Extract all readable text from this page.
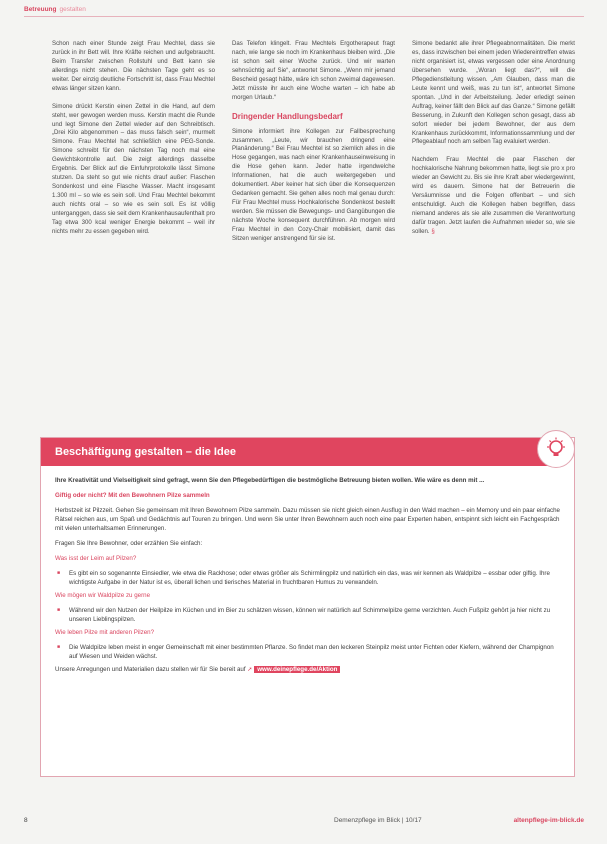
Betreuung gestalten

Schon nach einer Stunde zeigt Frau Mechtel, dass sie zurück in ihr Bett will. Ihre Kräfte reichen und aufgebraucht. Beim Transfer zwischen Rollstuhl und Bett kann sie allerdings nicht stehen. Die nächsten Tage geht es so weiter. Der einzig deutliche Fortschritt ist, dass Frau Mechtel etwas länger sitzen kann.

Simone drückt Kerstin einen Zettel in die Hand, auf dem steht, wer gewogen werden muss. Kerstin macht die Runde und legt Simone den Zettel wieder auf den Schreibtisch. „Drei Kilo abgenommen – das muss falsch sein“, murmelt Simone. Frau Mechtel hat schließlich eine PEG-Sonde. Simone schreibt für den nächsten Tag noch mal eine Gewichtskontrolle auf. Die zeigt allerdings dasselbe Ergebnis. Der Blick auf die Einfuhrprotokolle lässt Simone stutzen. Da steht so gut wie nichts drauf außer: Flaschen Sondenkost und eine Flasche Wasser. Macht insgesamt 1.300 ml – so wie es sein soll. Und Frau Mechtel bekommt auch nichts oral – so wie es sein soll. Es ist völlig unterganggen, dass sie seit dem Krankenhausaufenthalt pro Tag etwa 300 kcal weniger Energie bekommt – weil ihr nichts mehr zu essen gegeben wird.

Das Telefon klingelt. Frau Mechtels Ergotherapeut fragt nach, wie lange sie noch im Krankenhaus bleiben wird. „Die ist schon seit einer Woche zurück. Und wir warten sehnsüchtig auf Sie“, antwortet Simone. „Wenn mir jemand Bescheid gesagt hätte, wäre ich schon zweimal dagewesen. Jetzt müsste ihr auch eine Woche warten – ich habe ab morgen Urlaub.“

Dringender Handlungsbedarf

Simone informiert ihre Kollegen zur Fallbesprechung zusammen. „Leute, wir brauchen dringend eine Planänderung.“ Bei Frau Mechtel ist so ziemlich alles in die Hose gegangen, was nach einer Krankenhauseinweisung in die Hose gehen kann. Jeder hatte irgendwelche Informationen, hat die auch weitergegeben und dokumentiert. Aber keiner hat sich über die Konsequenzen Gedanken gemacht. Sie gehen alles noch mal genau durch: Für Frau Mechtel muss Hochkalorische Sondenkost bestellt werden. Sie müssen die Bewegungs- und Gangübungen die nächste Woche konsequent durchführen. Ab morgen wird Frau Mechtel in den Cozy-Chair mobilisiert, damit das Sitzen weniger anstrengend für sie ist.

Simone bedankt alle ihrer Pflegeabnormalitäten. Die merkt es, dass inzwischen bei einem jeden Wiedereintreffen etwas nicht organisiert ist, etwas vergessen oder eine Anordnung übersehen wurde. „Woran liegt das?“, will die Pflegedienstleitung wissen. „Am Glauben, dass man die Leute kennt und weiß, was zu tun ist“, antwortet Simone spontan. „Und in der Arbeitsteilung. Jeder erledigt seinen Auftrag, keiner fällt den Blick auf das Ganze.“ Simone gefällt Besserung, in Zukunft den Kollegen schon gesagt, dass ab sofort wieder bei jedem Bewohner, der aus dem Krankenhaus zurückkommt, Informationssammlung und der Pflegeablauf noch am selben Tag evaluiert werden.

Nachdem Frau Mechtel die paar Flaschen der hochkalorische Nahrung bekommen hatte, liegt sie pro x pro wieder an Gewicht zu. Bis sie ihre Kraft aber wiedergewinnt, wird es dauern. Simone hat der Betreuerin die Versäumnisse und die Folgen offenbart – und sich entschuldigt. Auch die Kollegen haben begriffen, dass niemand anderes als sie alle zusammen die Verantwortung dafür tragen. Jetzt laufen die Aufnahmen wieder so, wie sie sollen. §

Beschäftigung gestalten – die Idee

Ihre Kreativität und Vielseitigkeit sind gefragt, wenn Sie den Pflegebedürftigen die bestmögliche Betreuung bieten wollen. Wie wäre es denn mit ...

Giftig oder nicht? Mit den Bewohnern Pilze sammeln

Herbstzeit ist Pilzzeit. Gehen Sie gemeinsam mit Ihren Bewohnern Pilze sammeln. Dazu müssen sie nicht gleich einen Ausflug in den Wald machen – ein Memory und ein paar einfache Rätsel reichen aus, um Spaß und Gedächtnis auf Touren zu bringen. Und wenn Sie unter Ihren Bewohnern auch noch eine paar Experten haben, entspinnt sich leicht ein Fachgespräch mit vielen unterhaltsamen Erinnerungen.

Fragen Sie Ihre Bewohner, oder erzählen Sie einfach:

Was isst der Leim auf Pilzen?

■ Es gibt ein so sogenannte Einsiedler, wie etwa die Rackhose; oder etwas größer als Schirmlingpilz und natürlich ein das, was wir kennen als Waldpilze – essbar oder giftig. Ihre wichtigste Aufgabe in der Natur ist es, überall lichen und tierisches Material in fruchtbaren Humus zu verwandeln.

Wie mögen wir Waldpilze zu gerne

■ Während wir den Nutzen der Heilpilze im Küchen und im Bier zu schätzen wissen, können wir natürlich auf Schimmelpilze gerne verzichten. Auch Fußpilz gehört ja hier nicht zu unseren Lieblingspilzen.

Wie leben Pilze mit anderen Pilzen?

■ Die Waldpilze leben meist in enger Gemeinschaft mit einer bestimmten Pflanze. So findet man den leckeren Steinpilz meist unter Fichten oder Kiefern, während der Champignon auf Wiesen und Weiden wächst.

Unsere Anregungen und Materialien dazu stellen wir für Sie bereit auf ➚ www.deinepflege.de/Aktion

8	Demenzpflege im Blick | 10/17	altenpflege-im-blick.de
